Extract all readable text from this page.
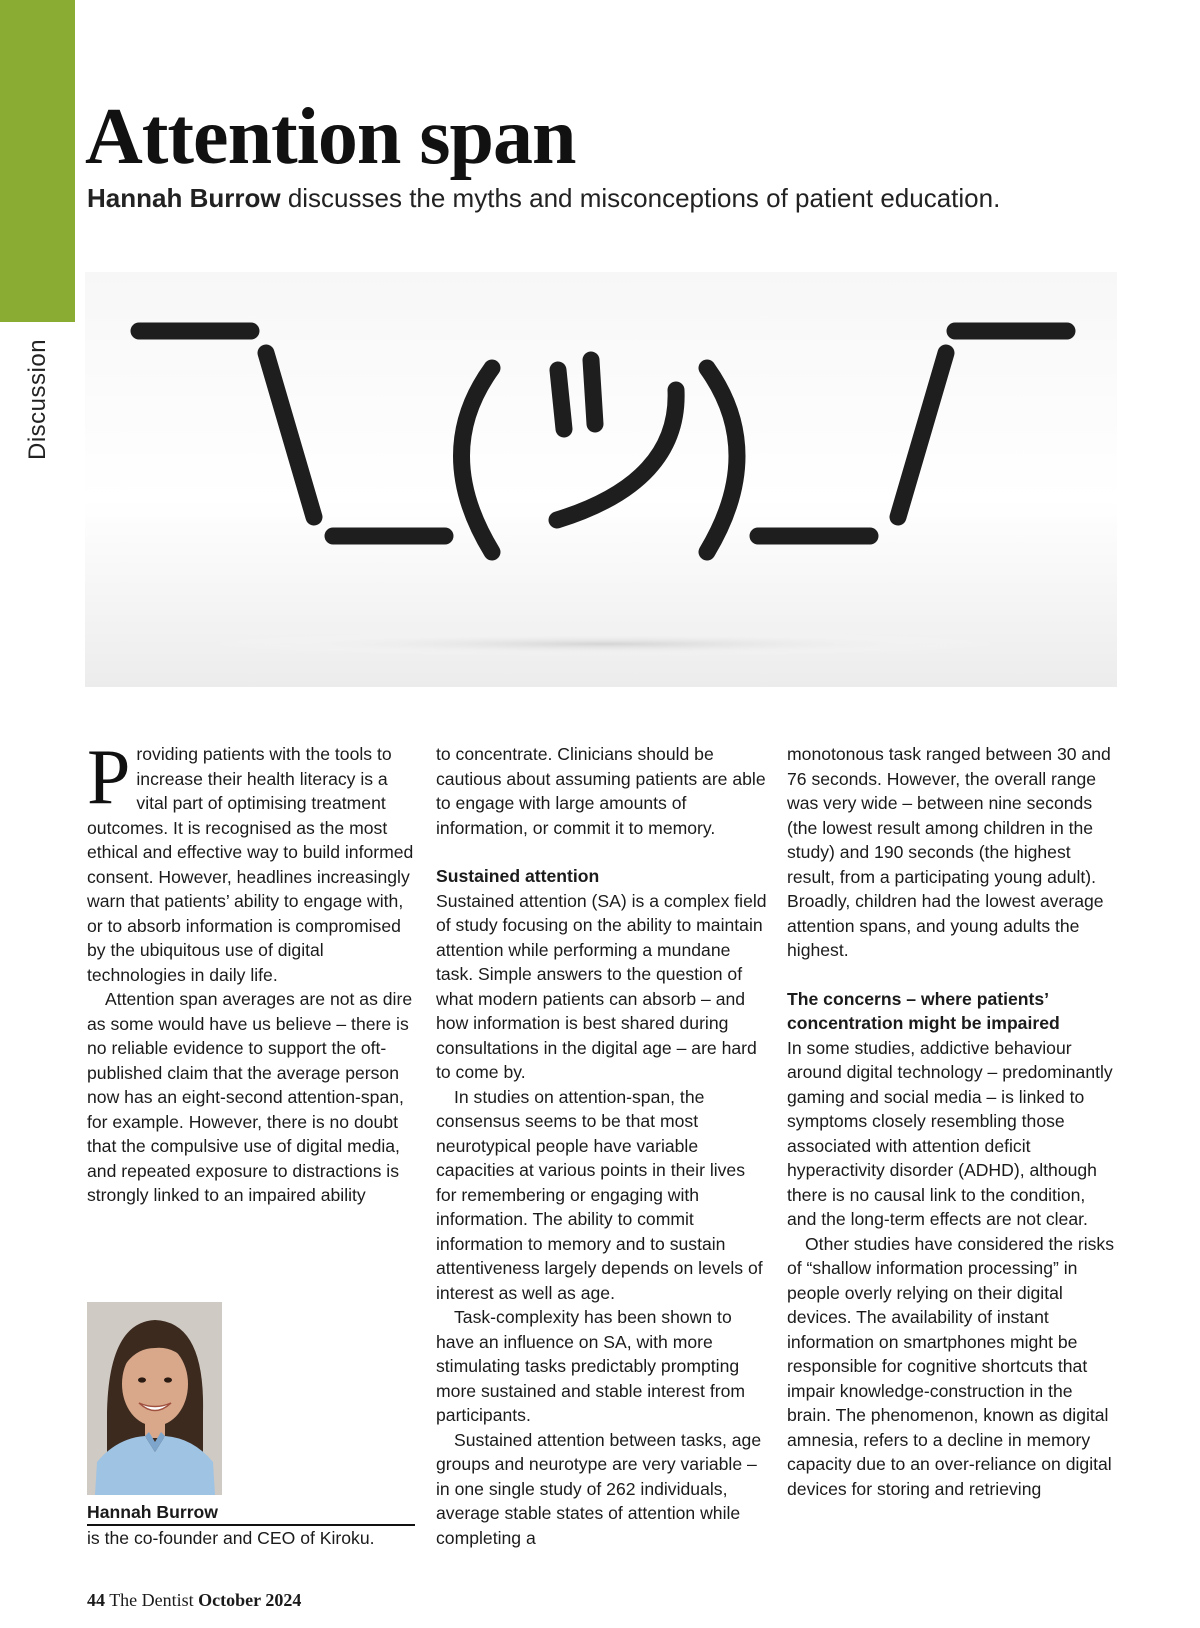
Discussion
Attention span
Hannah Burrow discusses the myths and misconceptions of patient education.

Providing patients with the tools to increase their health literacy is a vital part of optimising treatment outcomes. It is recognised as the most ethical and effective way to build informed consent. However, headlines increasingly warn that patients’ ability to engage with, or to absorb information is compromised by the ubiquitous use of digital technologies in daily life.

Attention span averages are not as dire as some would have us believe – there is no reliable evidence to support the oft-published claim that the average person now has an eight-second attention-span, for example. However, there is no doubt that the compulsive use of digital media, and repeated exposure to distractions is strongly linked to an impaired ability

to concentrate. Clinicians should be cautious about assuming patients are able to engage with large amounts of information, or commit it to memory.

Sustained attention

Sustained attention (SA) is a complex field of study focusing on the ability to maintain attention while performing a mundane task. Simple answers to the question of what modern patients can absorb – and how information is best shared during consultations in the digital age – are hard to come by.

In studies on attention-span, the consensus seems to be that most neurotypical people have variable capacities at various points in their lives for remembering or engaging with information. The ability to commit information to memory and to sustain attentiveness largely depends on levels of interest as well as age.

Task-complexity has been shown to have an influence on SA, with more stimulating tasks predictably prompting more sustained and stable interest from participants.

Sustained attention between tasks, age groups and neurotype are very variable – in one single study of 262 individuals, average stable states of attention while completing a

monotonous task ranged between 30 and 76 seconds. However, the overall range was very wide – between nine seconds (the lowest result among children in the study) and 190 seconds (the highest result, from a participating young adult). Broadly, children had the lowest average attention spans, and young adults the highest.

The concerns – where patients’ concentration might be impaired

In some studies, addictive behaviour around digital technology – predominantly gaming and social media – is linked to symptoms closely resembling those associated with attention deficit hyperactivity disorder (ADHD), although there is no causal link to the condition, and the long-term effects are not clear.

Other studies have considered the risks of “shallow information processing” in people overly relying on their digital devices. The availability of instant information on smartphones might be responsible for cognitive shortcuts that impair knowledge-construction in the brain. The phenomenon, known as digital amnesia, refers to a decline in memory capacity due to an over-reliance on digital devices for storing and retrieving

Hannah Burrow
is the co-founder and CEO of Kiroku.
44 The Dentist October 2024
